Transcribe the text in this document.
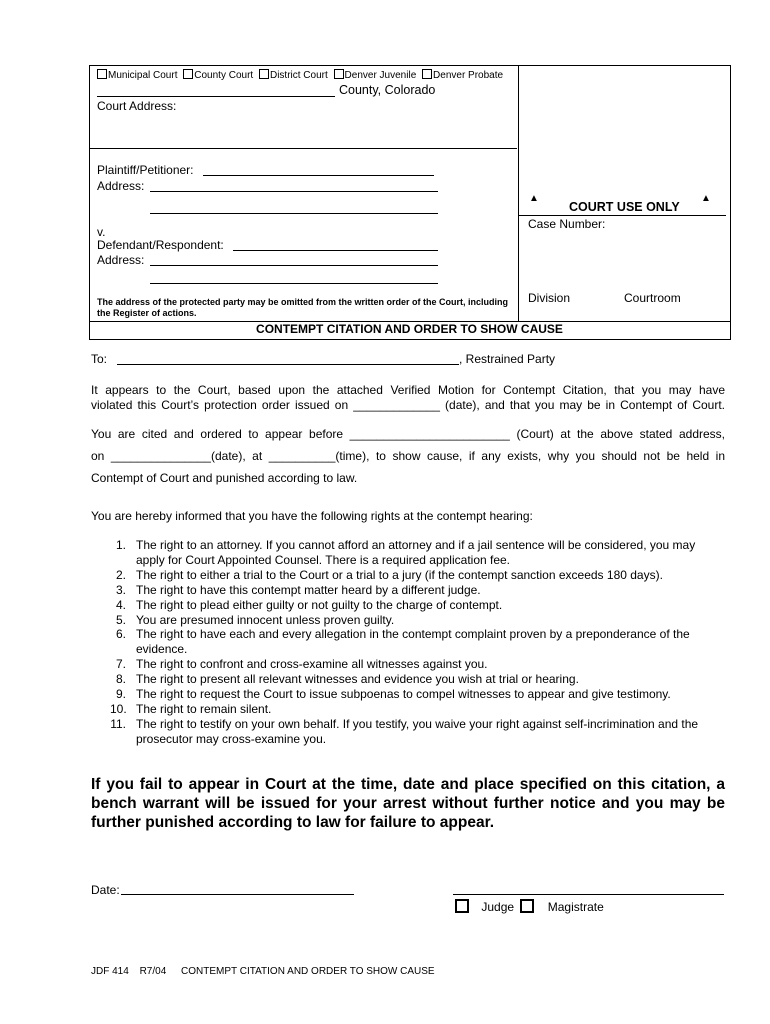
Municipal Court County Court District Court Denver Juvenile Denver Probate
County, Colorado
Court Address:
Plaintiff/Petitioner:
Address:
v.
Defendant/Respondent:
Address:
The address of the protected party may be omitted from the written order of the Court, including the Register of actions.
▲
COURT USE ONLY
▲
Case Number:
Division	Courtroom
CONTEMPT CITATION AND ORDER TO SHOW CAUSE
To:	, Restrained Party
It appears to the Court, based upon the attached Verified Motion for Contempt Citation, that you may have
violated this Court’s protection order issued on _____________ (date), and that you may be in Contempt of Court.
You are cited and ordered to appear before ________________________ (Court) at the above stated address,
on _______________(date), at __________(time), to show cause, if any exists, why you should not be held in
Contempt of Court and punished according to law.
You are hereby informed that you have the following rights at the contempt hearing:
1. The right to an attorney. If you cannot afford an attorney and if a jail sentence will be considered, you may apply for Court Appointed Counsel. There is a required application fee.
2. The right to either a trial to the Court or a trial to a jury (if the contempt sanction exceeds 180 days).
3. The right to have this contempt matter heard by a different judge.
4. The right to plead either guilty or not guilty to the charge of contempt.
5. You are presumed innocent unless proven guilty.
6. The right to have each and every allegation in the contempt complaint proven by a preponderance of the evidence.
7. The right to confront and cross-examine all witnesses against you.
8. The right to present all relevant witnesses and evidence you wish at trial or hearing.
9. The right to request the Court to issue subpoenas to compel witnesses to appear and give testimony.
10. The right to remain silent.
11. The right to testify on your own behalf. If you testify, you waive your right against self-incrimination and the prosecutor may cross-examine you.
If you fail to appear in Court at the time, date and place specified on this citation, a bench warrant will be issued for your arrest without further notice and you may be further punished according to law for failure to appear.
Date:
Judge	Magistrate
JDF 414 R7/04 CONTEMPT CITATION AND ORDER TO SHOW CAUSE
